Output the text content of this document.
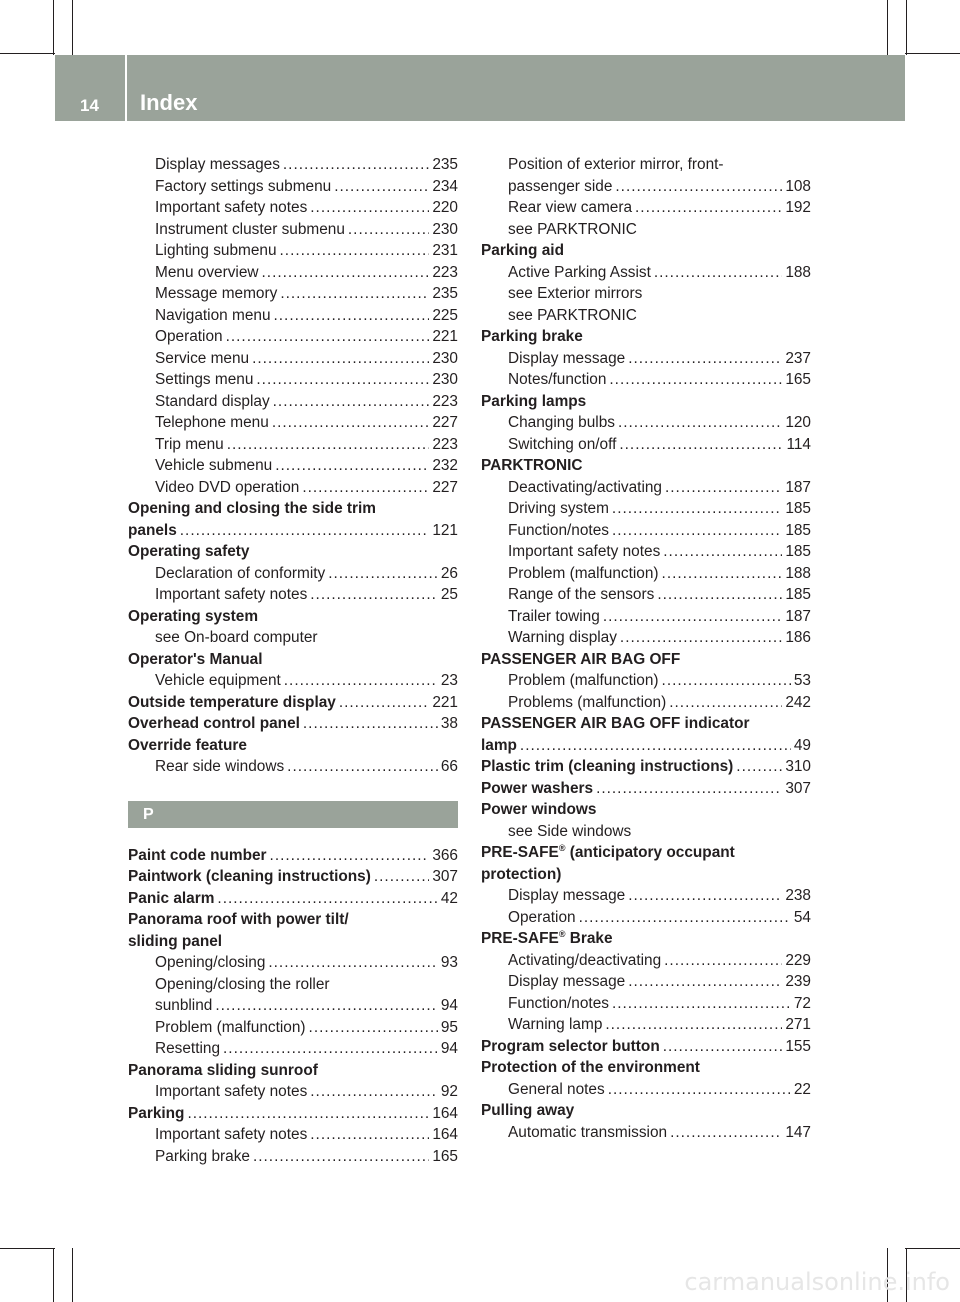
14 Index
Display messages .....	235
Factory settings submenu .....	234
Important safety notes .....	220
Instrument cluster submenu .....	230
Lighting submenu .....	231
Menu overview .....	223
Message memory .....	235
Navigation menu .....	225
Operation .....	221
Service menu .....	230
Settings menu .....	230
Standard display .....	223
Telephone menu .....	227
Trip menu .....	223
Vehicle submenu .....	232
Video DVD operation .....	227
Opening and closing the side trim
panels .....	121
Operating safety
Declaration of conformity .....	26
Important safety notes .....	25
Operating system
see On-board computer
Operator's Manual
Vehicle equipment .....	23
Outside temperature display .....	221
Overhead control panel .....	38
Override feature
Rear side windows .....	66
P
Paint code number .....	366
Paintwork (cleaning instructions) .....	307
Panic alarm .....	42
Panorama roof with power tilt/
sliding panel
Opening/closing .....	93
Opening/closing the roller
sunblind .....	94
Problem (malfunction) .....	95
Resetting .....	94
Panorama sliding sunroof
Important safety notes .....	92
Parking .....	164
Important safety notes .....	164
Parking brake .....	165
Position of exterior mirror, front-
passenger side .....	108
Rear view camera .....	192
see PARKTRONIC
Parking aid
Active Parking Assist .....	188
see Exterior mirrors
see PARKTRONIC
Parking brake
Display message .....	237
Notes/function .....	165
Parking lamps
Changing bulbs .....	120
Switching on/off .....	114
PARKTRONIC
Deactivating/activating .....	187
Driving system .....	185
Function/notes .....	185
Important safety notes .....	185
Problem (malfunction) .....	188
Range of the sensors .....	185
Trailer towing .....	187
Warning display .....	186
PASSENGER AIR BAG OFF
Problem (malfunction) .....	53
Problems (malfunction) .....	242
PASSENGER AIR BAG OFF indicator
lamp .....	49
Plastic trim (cleaning instructions) .....	310
Power washers .....	307
Power windows
see Side windows
PRE-SAFE® (anticipatory occupant
protection)
Display message .....	238
Operation .....	54
PRE-SAFE® Brake
Activating/deactivating .....	229
Display message .....	239
Function/notes .....	72
Warning lamp .....	271
Program selector button .....	155
Protection of the environment
General notes .....	22
Pulling away
Automatic transmission .....	147
carmanualsonline.info
